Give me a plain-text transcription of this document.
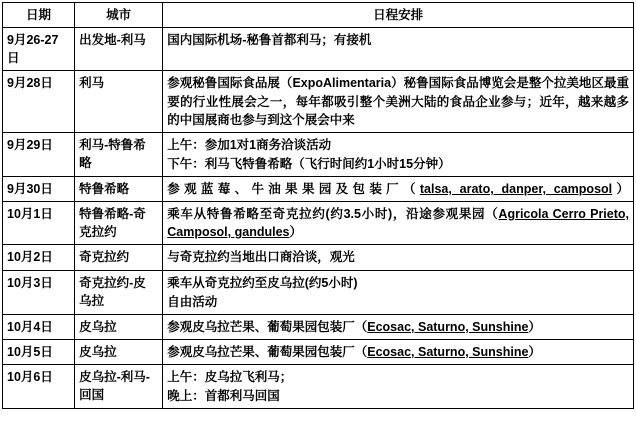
日期	城市	日程安排
9月26-27日	出发地-利马	国内国际机场-秘鲁首都利马；有接机

9月28日	利马	参观秘鲁国际食品展（ExpoAlimentaria）秘鲁国际食品博览会是整个拉美地区最重要的行业性展会之一，每年都吸引整个美洲大陆的食品企业参与；近年，越来越多的中国展商也参与到这个展会中来

9月29日	利马-特鲁希略	上午：参加1对1商务洽谈活动
下午：利马飞特鲁希略（飞行时间约1小时15分钟）

9月30日	特鲁希略	参观蓝莓、牛油果果园及包装厂（talsa, arato, danper, camposol）

10月1日	特鲁希略-奇克拉约	乘车从特鲁希略至奇克拉约(约3.5小时)，沿途参观果园（Agricola Cerro Prieto, Camposol, gandules）

10月2日	奇克拉约	与奇克拉约当地出口商洽谈，观光

10月3日	奇克拉约-皮乌拉	乘车从奇克拉约至皮乌拉(约5小时)
自由活动

10月4日	皮乌拉	参观皮乌拉芒果、葡萄果园包装厂（Ecosac, Saturno, Sunshine）

10月5日	皮乌拉	参观皮乌拉芒果、葡萄果园包装厂（Ecosac, Saturno, Sunshine）

10月6日	皮乌拉-利马-回国	上午：皮乌拉飞利马；
晚上：首都利马回国
